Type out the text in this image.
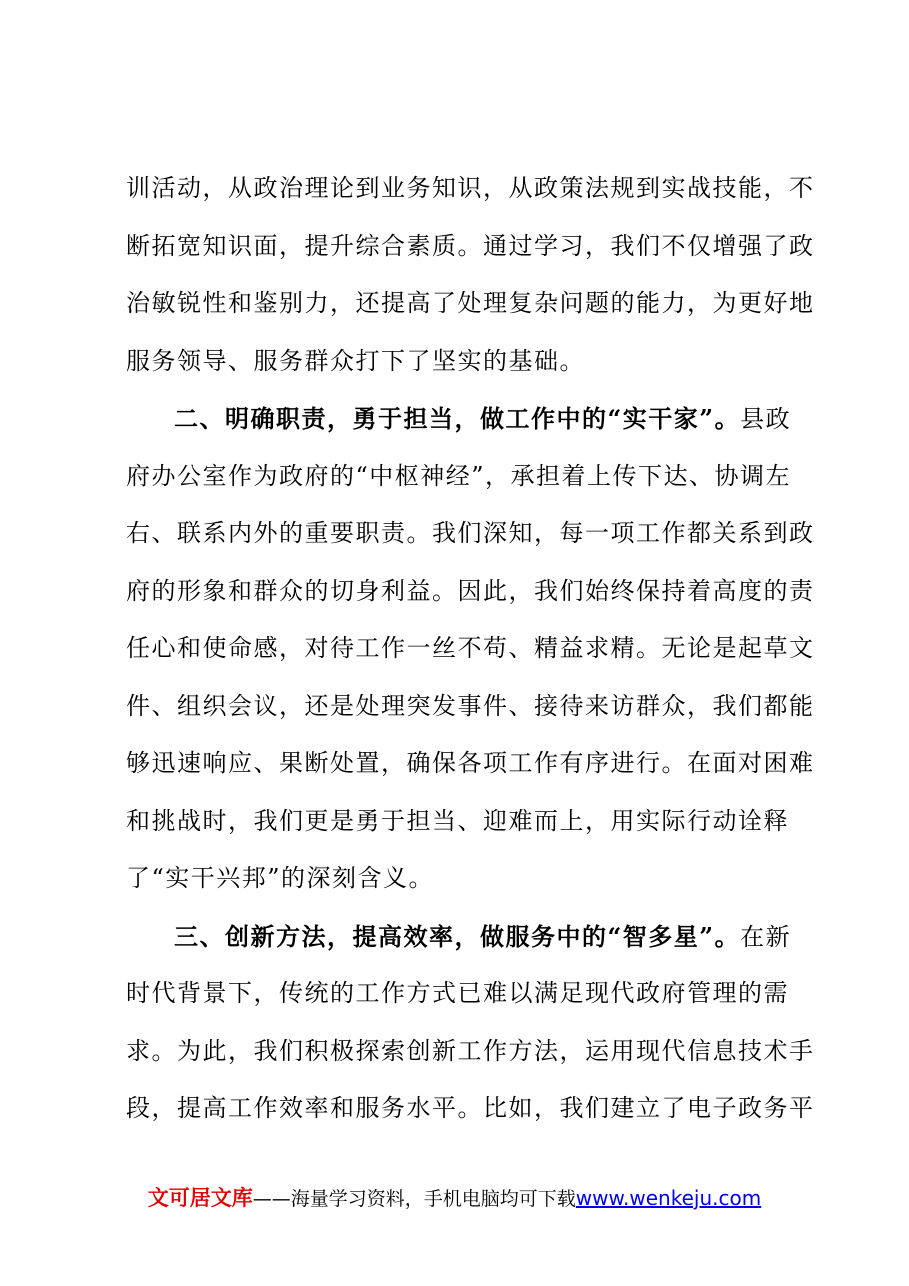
训活动，从政治理论到业务知识，从政策法规到实战技能，不
断拓宽知识面，提升综合素质。通过学习，我们不仅增强了政
治敏锐性和鉴别力，还提高了处理复杂问题的能力，为更好地
服务领导、服务群众打下了坚实的基础。
二、明确职责，勇于担当，做工作中的“实干家”。县政
府办公室作为政府的“中枢神经”，承担着上传下达、协调左
右、联系内外的重要职责。我们深知，每一项工作都关系到政
府的形象和群众的切身利益。因此，我们始终保持着高度的责
任心和使命感，对待工作一丝不苟、精益求精。无论是起草文
件、组织会议，还是处理突发事件、接待来访群众，我们都能
够迅速响应、果断处置，确保各项工作有序进行。在面对困难
和挑战时，我们更是勇于担当、迎难而上，用实际行动诠释
了“实干兴邦”的深刻含义。
三、创新方法，提高效率，做服务中的“智多星”。在新
时代背景下，传统的工作方式已难以满足现代政府管理的需
求。为此，我们积极探索创新工作方法，运用现代信息技术手
段，提高工作效率和服务水平。比如，我们建立了电子政务平
文可居文库——海量学习资料，手机电脑均可下载www.wenkeju.com
